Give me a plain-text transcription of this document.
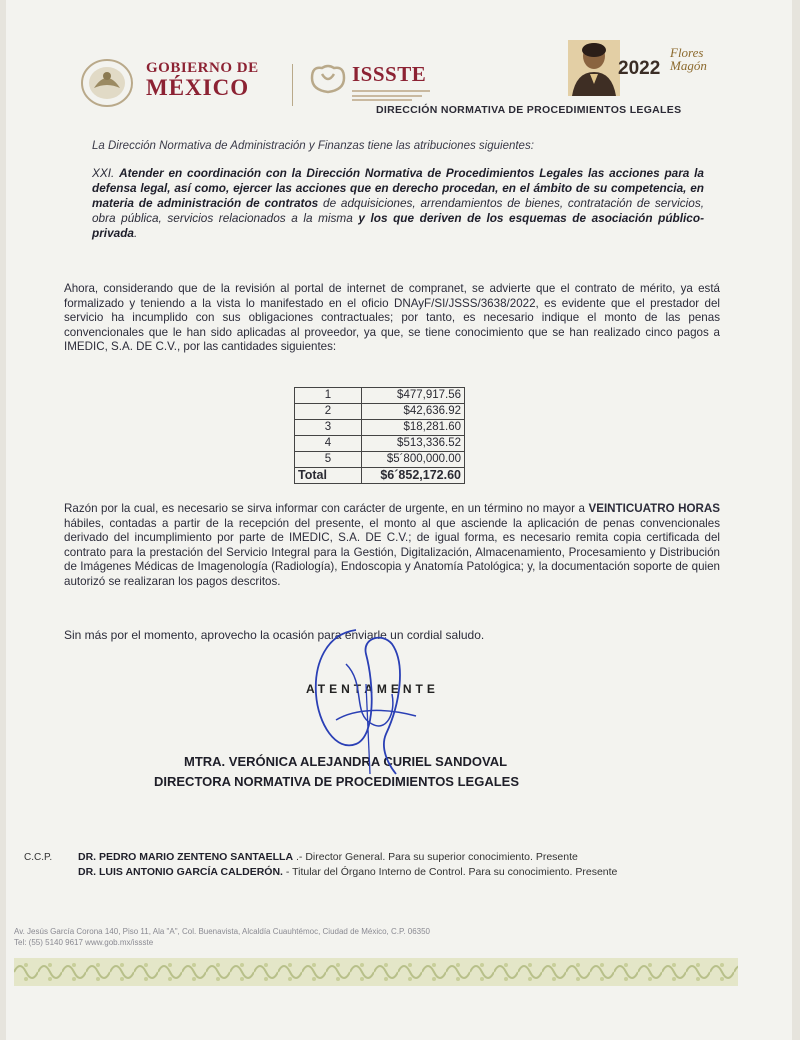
GOBIERNO DE
MÉXICO
ISSSTE	2022
Flores
Magón
DIRECCIÓN NORMATIVA DE PROCEDIMIENTOS LEGALES
La Dirección Normativa de Administración y Finanzas tiene las atribuciones siguientes:
XXI. Atender en coordinación con la Dirección Normativa de Procedimientos Legales las acciones para la defensa legal, así como, ejercer las acciones que en derecho procedan, en el ámbito de su competencia, en materia de administración de contratos de adquisiciones, arrendamientos de bienes, contratación de servicios, obra pública, servicios relacionados a la misma y los que deriven de los esquemas de asociación público-privada.
Ahora, considerando que de la revisión al portal de internet de compranet, se advierte que el contrato de mérito, ya está formalizado y teniendo a la vista lo manifestado en el oficio DNAyF/SI/JSSS/3638/2022, es evidente que el prestador del servicio ha incumplido con sus obligaciones contractuales; por tanto, es necesario indique el monto de las penas convencionales que le han sido aplicadas al proveedor, ya que, se tiene conocimiento que se han realizado cinco pagos a IMEDIC, S.A. DE C.V., por las cantidades siguientes:
1	$477,917.56
2	$42,636.92
3	$18,281.60
4	$513,336.52
5	$5´800,000.00
Total	$6´852,172.60
Razón por la cual, es necesario se sirva informar con carácter de urgente, en un término no mayor a VEINTICUATRO HORAS hábiles, contadas a partir de la recepción del presente, el monto al que asciende la aplicación de penas convencionales derivado del incumplimiento por parte de IMEDIC, S.A. DE C.V.; de igual forma, es necesario remita copia certificada del contrato para la prestación del Servicio Integral para la Gestión, Digitalización, Almacenamiento, Procesamiento y Distribución de Imágenes Médicas de Imagenología (Radiología), Endoscopia y Anatomía Patológica; y, la documentación soporte de quien autorizó se realizaran los pagos descritos.
Sin más por el momento, aprovecho la ocasión para enviarle un cordial saludo.
ATENTAMENTE
MTRA. VERÓNICA ALEJANDRA CURIEL SANDOVAL
DIRECTORA NORMATIVA DE PROCEDIMIENTOS LEGALES
C.C.P. DR. PEDRO MARIO ZENTENO SANTAELLA .- Director General. Para su superior conocimiento. Presente
DR. LUIS ANTONIO GARCÍA CALDERÓN. - Titular del Órgano Interno de Control. Para su conocimiento. Presente
Av. Jesús García Corona 140, Piso 11, Ala "A", Col. Buenavista, Alcaldía Cuauhtémoc, Ciudad de México, C.P. 06350
Tel: (55) 5140 9617 www.gob.mx/issste
